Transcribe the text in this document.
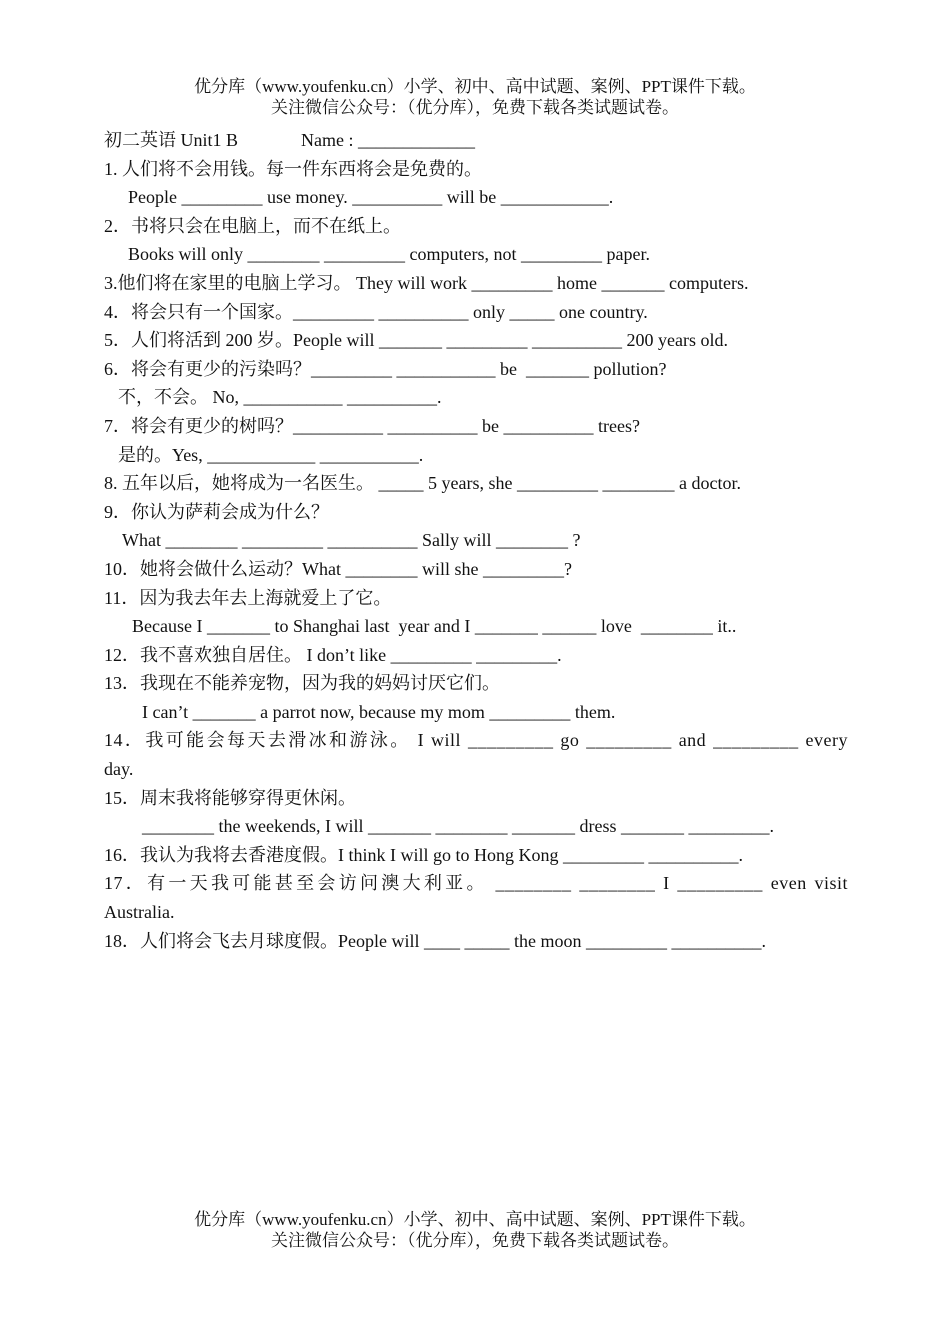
优分库（www.youfenku.cn）小学、初中、高中试题、案例、PPT课件下载。
关注微信公众号：（优分库），免费下载各类试题试卷。
初二英语 Unit1 B              Name : _____________
1. 人们将不会用钱。每一件东西将会是免费的。
People _________ use money. __________ will be ____________.
2．书将只会在电脑上，而不在纸上。
Books will only ________ _________ computers, not _________ paper.
3.他们将在家里的电脑上学习。 They will work _________ home _______ computers.
4．将会只有一个国家。_________ __________ only _____ one country.
5．人们将活到 200 岁。People will _______ _________ __________ 200 years old.
6．将会有更少的污染吗？_________ ___________ be  _______ pollution?
不，不会。 No, ___________ __________.
7．将会有更少的树吗？__________ __________ be __________ trees?
是的。Yes, ____________ ___________.
8. 五年以后，她将成为一名医生。 _____ 5 years, she _________ ________ a doctor.
9．你认为萨莉会成为什么？
What ________ _________ __________ Sally will ________ ?
10．她将会做什么运动？What ________ will she _________?
11．因为我去年去上海就爱上了它。
Because I _______ to Shanghai last  year and I _______ ______ love  ________ it..
12．我不喜欢独自居住。 I don’t like _________ _________.
13．我现在不能养宠物，因为我的妈妈讨厌它们。
I can’t _______ a parrot now, because my mom _________ them.
14．我可能会每天去滑冰和游泳。 I will _________ go _________ and _________ every
day.
15．周末我将能够穿得更休闲。
________ the weekends, I will _______ ________ _______ dress _______ _________.
16．我认为我将去香港度假。I think I will go to Hong Kong _________ __________.
17．有一天我可能甚至会访问澳大利亚。 ________ ________ I _________ even visit
Australia.
18．人们将会飞去月球度假。People will ____ _____ the moon _________ __________.
优分库（www.youfenku.cn）小学、初中、高中试题、案例、PPT课件下载。
关注微信公众号：（优分库），免费下载各类试题试卷。
